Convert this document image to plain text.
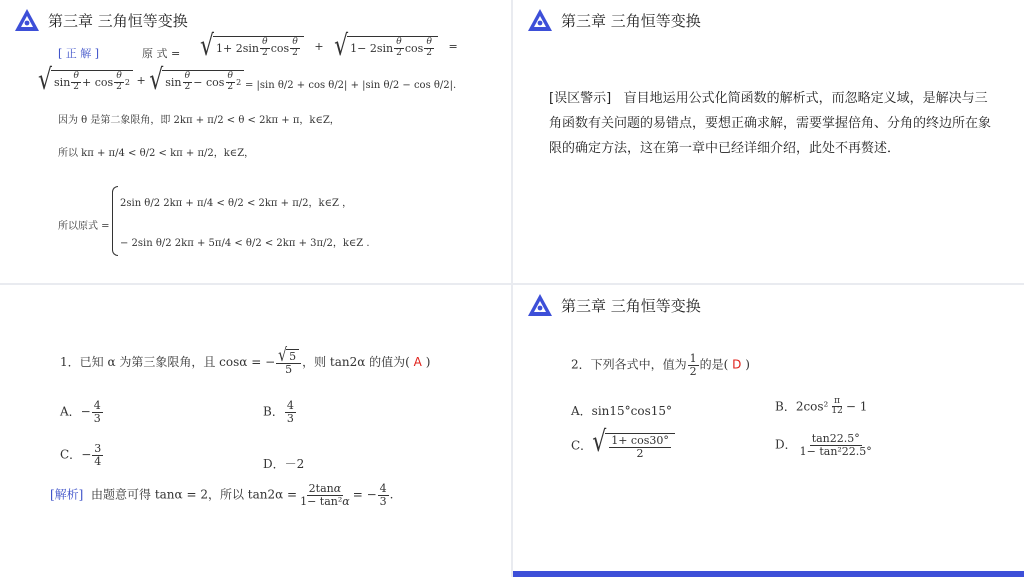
第三章 三角恒等变换
[ 正 解 ]	原 式 = √ $1+ 2\sin \frac{\theta}{2}$ $\cos \frac{\theta}{2}$ + √ $1- 2\sin \frac{\theta}{2}$ $\cos \frac{\theta}{2}$ =
√ $\sin \frac{\theta}{2} + \cos \frac{\theta}{2} 2$ + √ $\sin \frac{\theta}{2} - \cos \frac{\theta}{2} 2 = |\sin$ θ/2 + cos θ/2| + |sin θ/2 − cos θ/2|.
因为 θ 是第二象限角，即 2kπ + π/2 < θ < 2kπ + π，k∈Z，
所以 kπ + π/4 < θ/2 < kπ + π/2，k∈Z，
所以原式 =
2sin θ/2 2kπ + π/4 < θ/2 < 2kπ + π/2，k∈Z ，
− 2sin θ/2 2kπ + 5π/4 < θ/2 < 2kπ + 3π/2，k∈Z .
第三章 三角恒等变换
[误区警示] 盲目地运用公式化简函数的解析式，而忽略定义域，是解决与三角函数有关问题的易错点，要想正确求解，需要掌握倍角、分角的终边所在象限的确定方法，这在第一章中已经详细介绍，此处不再赘述．
1．已知 α 为第三象限角，且 cosα = − $\frac{√ 5}{5}$ ，则 tan2α 的值为( A )
A．− $\frac{4}{3}$	B． $\frac{4}{3}$
C．− $\frac{3}{4}$	D．－2
[解析] 由题意可得 tanα = 2，所以 $\tan 2\alpha = \frac{2\tan\alpha}{\text{1− tan²α}}$ = − $\frac{4}{3}$ .
第三章 三角恒等变换
2．下列各式中，值为 $\frac{1}{2}$ 的是( D )
A．sin15°cos15°	B．$2\cos^2 \frac{\pi}{12} - 1$
C． √ $\frac{1+ \cos 30^\circ}{2}$	D． $\frac{\tan 22.5^\circ}{\text{1− tan²22.5°}}$
